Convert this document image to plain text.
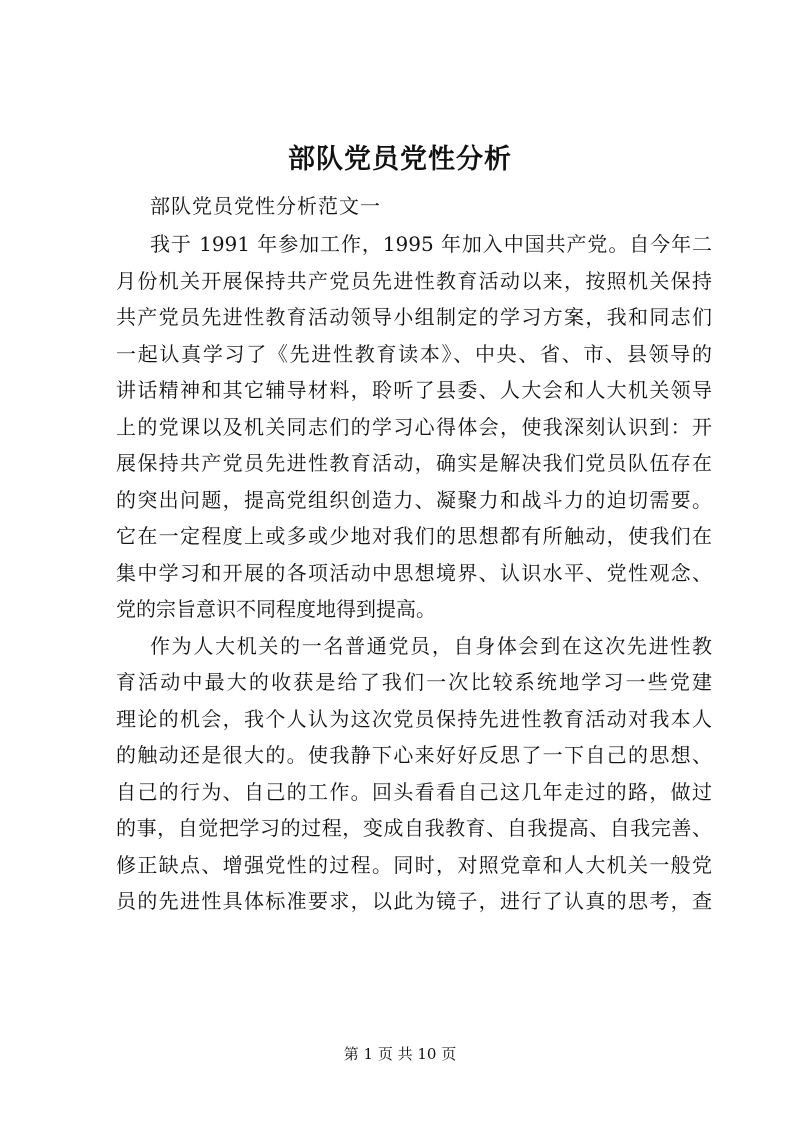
部队党员党性分析

部队党员党性分析范文一

我于 1991 年参加工作，1995 年加入中国共产党。自今年二
月份机关开展保持共产党员先进性教育活动以来，按照机关保持
共产党员先进性教育活动领导小组制定的学习方案，我和同志们
一起认真学习了《先进性教育读本》、中央、省、市、县领导的
讲话精神和其它辅导材料，聆听了县委、人大会和人大机关领导
上的党课以及机关同志们的学习心得体会，使我深刻认识到：开
展保持共产党员先进性教育活动，确实是解决我们党员队伍存在
的突出问题，提高党组织创造力、凝聚力和战斗力的迫切需要。
它在一定程度上或多或少地对我们的思想都有所触动，使我们在
集中学习和开展的各项活动中思想境界、认识水平、党性观念、
党的宗旨意识不同程度地得到提高。
作为人大机关的一名普通党员，自身体会到在这次先进性教
育活动中最大的收获是给了我们一次比较系统地学习一些党建
理论的机会，我个人认为这次党员保持先进性教育活动对我本人
的触动还是很大的。使我静下心来好好反思了一下自己的思想、
自己的行为、自己的工作。回头看看自己这几年走过的路，做过
的事，自觉把学习的过程，变成自我教育、自我提高、自我完善、
修正缺点、增强党性的过程。同时，对照党章和人大机关一般党
员的先进性具体标准要求，以此为镜子，进行了认真的思考，查
第 1 页 共 10 页
